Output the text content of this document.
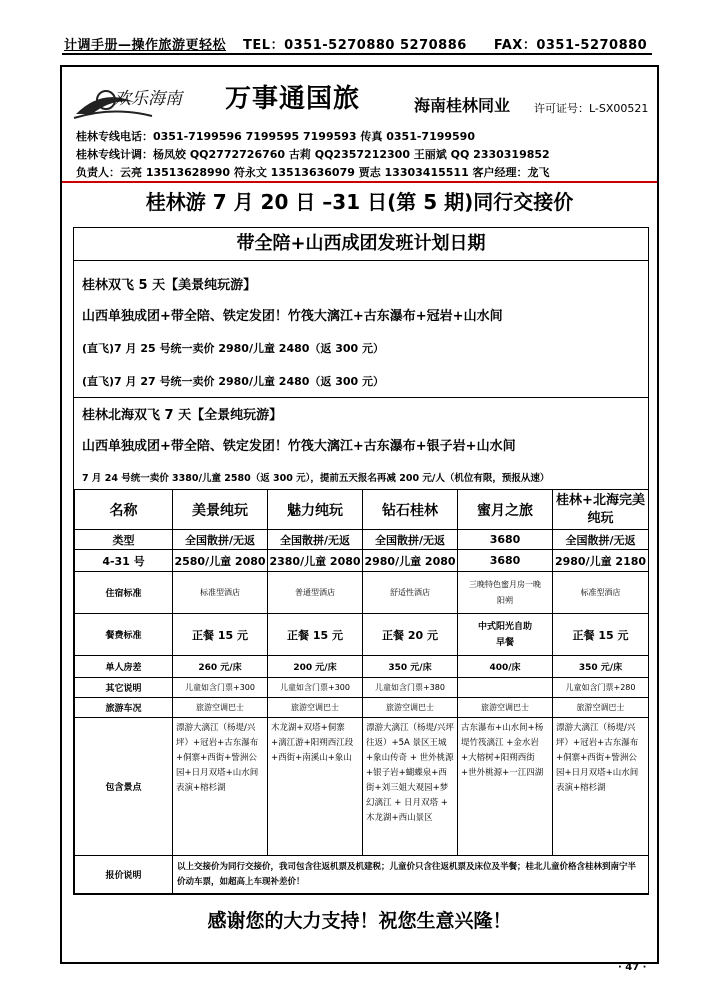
计调手册—操作旅游更轻松 TEL：0351-5270880 5270886 FAX：0351-5270880
欢乐海南 万事通国旅	海南桂林同业 许可证号：L-SX00521
桂林专线电话：0351-7199596 7199595 7199593 传真 0351-7199590
桂林专线计调：杨凤姣 QQ2772726760 古莉 QQ2357212300 王丽斌 QQ 2330319852
负责人：云亮 13513628990 符永文 13513636079 贾志 13303415511 客户经理：龙飞
桂林游 7 月 20 日 –31 日(第 5 期)同行交接价
带全陪+山西成团发班计划日期
桂林双飞 5 天【美景纯玩游】
山西单独成团+带全陪、铁定发团！竹筏大漓江+古东瀑布+冠岩+山水间
(直飞)7 月 25 号统一卖价 2980/儿童 2480（返 300 元）
(直飞)7 月 27 号统一卖价 2980/儿童 2480（返 300 元）
桂林北海双飞 7 天【全景纯玩游】
山西单独成团+带全陪、铁定发团！竹筏大漓江+古东瀑布+银子岩+山水间
7 月 24 号统一卖价 3380/儿童 2580（返 300 元），提前五天报名再减 200 元/人（机位有限，预报从速）
名称	美景纯玩	魅力纯玩	钻石桂林	蜜月之旅	桂林+北海完美纯玩
类型	全国散拼/无返	全国散拼/无返	全国散拼/无返	3680	全国散拼/无返
4-31 号	2580/儿童 2080	2380/儿童 2080	2980/儿童 2080	3680	2980/儿童 2180
住宿标准	标准型酒店	普通型酒店	舒适性酒店	三晚特色蜜月房一晚阳朔	标准型酒店
餐费标准	正餐 15 元	正餐 15 元	正餐 20 元	中式阳光自助早餐	正餐 15 元
单人房差	260 元/床	200 元/床	350 元/床	400/床	350 元/床
其它说明	儿童如含门票+300	儿童如含门票+300	儿童如含门票+380		儿童如含门票+280
旅游车况	旅游空调巴士	旅游空调巴士	旅游空调巴士	旅游空调巴士	旅游空调巴士
包含景点	漂游大漓江（杨堤/兴坪）+冠岩+古东瀑布+侗寨+西街+訾洲公园+日月双塔+山水间表演+榕杉湖	木龙湖+双塔+侗寨+漓江游+阳朔西江段+西街+南溪山+象山	漂游大漓江（杨堤/兴坪往返）+5A 景区王城+象山传奇 + 世外桃源+银子岩+蝴蝶泉+西街+刘三姐大观园+梦幻漓江 + 日月双塔 + 木龙湖+西山景区	古东瀑布+山水间+杨堤竹筏漓江 +金水岩+大榕树+阳朔西街+世外桃源+一江四湖	漂游大漓江（杨堤/兴坪）+冠岩+古东瀑布+侗寨+西街+訾洲公园+日月双塔+山水间表演+榕杉湖
报价说明	以上交接价为同行交接价，我司包含往返机票及机建税；儿童价只含往返机票及床位及半餐；桂北儿童价格含桂林到南宁半价动车票，如超高上车现补差价！				
感谢您的大力支持！祝您生意兴隆！
· 47 ·
